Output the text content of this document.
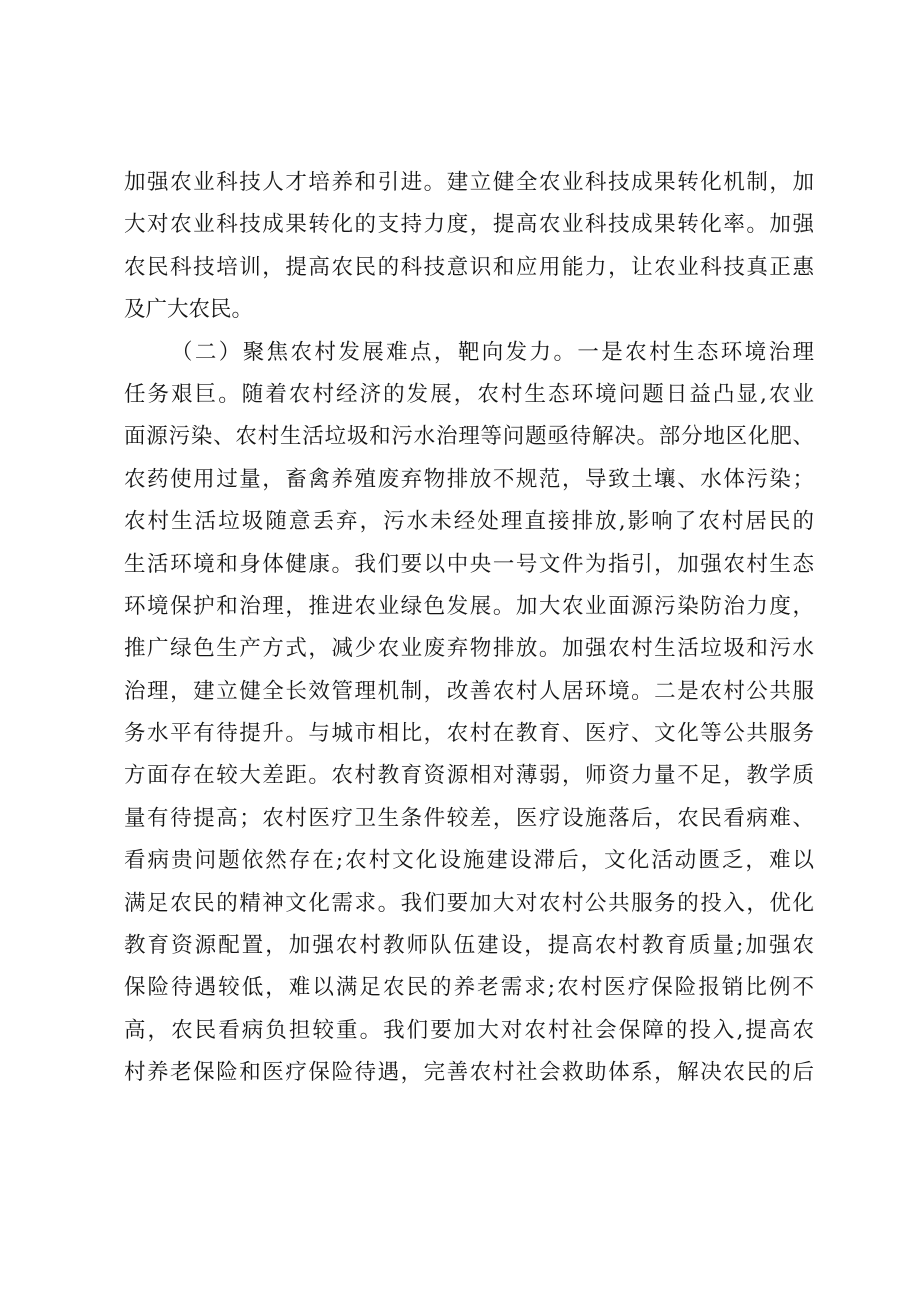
加强农业科技人才培养和引进。建立健全农业科技成果转化机制，加
大对农业科技成果转化的支持力度，提高农业科技成果转化率。加强
农民科技培训，提高农民的科技意识和应用能力，让农业科技真正惠
及广大农民。
（二）聚焦农村发展难点，靶向发力。一是农村生态环境治理
任务艰巨。随着农村经济的发展，农村生态环境问题日益凸显,农业
面源污染、农村生活垃圾和污水治理等问题亟待解决。部分地区化肥、
农药使用过量，畜禽养殖废弃物排放不规范，导致土壤、水体污染；
农村生活垃圾随意丢弃，污水未经处理直接排放,影响了农村居民的
生活环境和身体健康。我们要以中央一号文件为指引，加强农村生态
环境保护和治理，推进农业绿色发展。加大农业面源污染防治力度，
推广绿色生产方式，减少农业废弃物排放。加强农村生活垃圾和污水
治理，建立健全长效管理机制，改善农村人居环境。二是农村公共服
务水平有待提升。与城市相比，农村在教育、医疗、文化等公共服务
方面存在较大差距。农村教育资源相对薄弱，师资力量不足，教学质
量有待提高；农村医疗卫生条件较差，医疗设施落后，农民看病难、
看病贵问题依然存在;农村文化设施建设滞后，文化活动匮乏，难以
满足农民的精神文化需求。我们要加大对农村公共服务的投入，优化
教育资源配置，加强农村教师队伍建设，提高农村教育质量;加强农
保险待遇较低，难以满足农民的养老需求;农村医疗保险报销比例不
高，农民看病负担较重。我们要加大对农村社会保障的投入,提高农
村养老保险和医疗保险待遇，完善农村社会救助体系，解决农民的后
